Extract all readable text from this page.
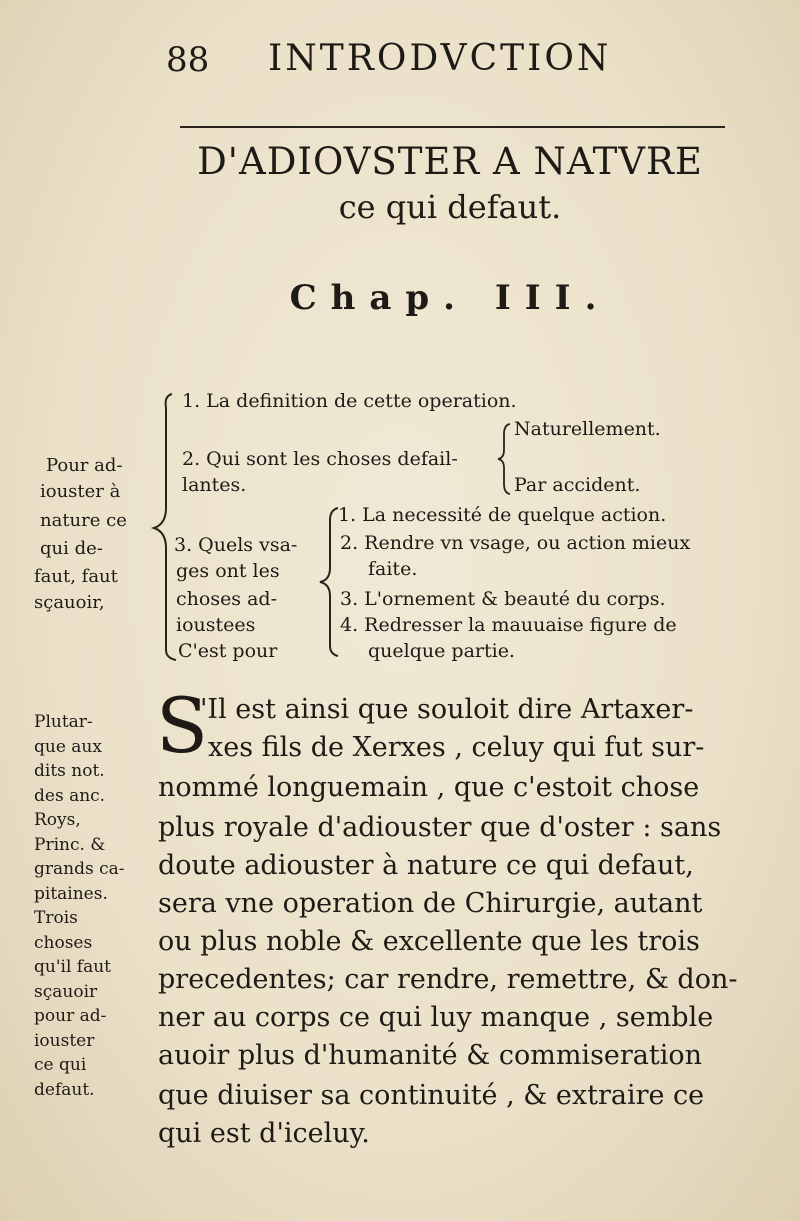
88 INTRODVCTION
D'ADIOVSTER A NATVRE
ce qui defaut.
Chap. III.
Pour ad-
iouster à
nature ce
qui de-
faut, faut
sçauoir,
1. La definition de cette operation.
2. Qui sont les choses defail-
lantes.
Naturellement.
Par accident.
3. Quels vsa-
ges ont les
choses ad-
ioustees
C'est pour
1. La necessité de quelque action.
2. Rendre vn vsage, ou action mieux
faite.
3. L'ornement & beauté du corps.
4. Redresser la mauuaise figure de
quelque partie.
Plutar-
que aux
dits not.
des anc.
Roys,
Princ. &
grands ca-
pitaines.
Trois
choses
qu'il faut
sçauoir
pour ad-
iouster
ce qui
defaut.
S
'Il est ainsi que souloit dire Artaxer-
xes fils de Xerxes , celuy qui fut sur-
nommé longuemain , que c'estoit chose
plus royale d'adiouster que d'oster : sans
doute adiouster à nature ce qui defaut,
sera vne operation de Chirurgie, autant
ou plus noble & excellente que les trois
precedentes; car rendre, remettre, & don-
ner au corps ce qui luy manque , semble
auoir plus d'humanité & commiseration
que diuiser sa continuité , & extraire ce
qui est d'iceluy.
